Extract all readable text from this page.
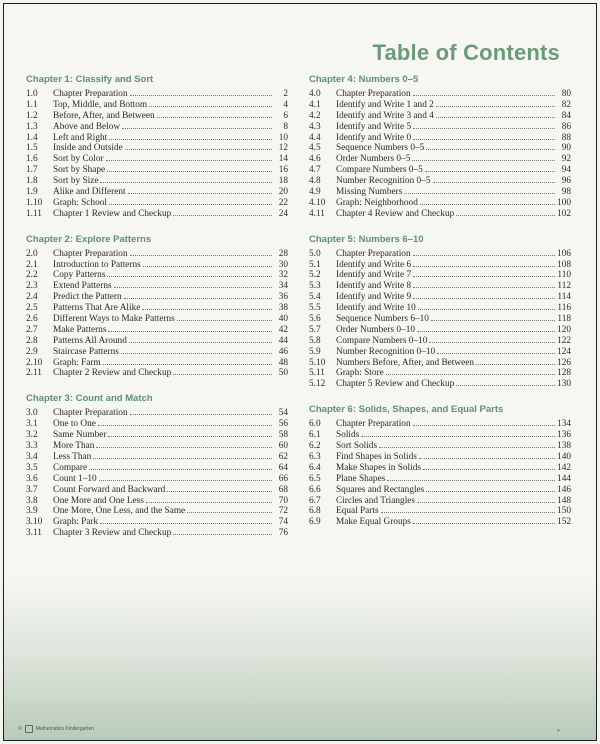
Table of Contents
Chapter 1: Classify and Sort
1.0	Chapter Preparation	2
1.1	Top, Middle, and Bottom	4
1.2	Before, After, and Between	6
1.3	Above and Below	8
1.4	Left and Right	10
1.5	Inside and Outside	12
1.6	Sort by Color	14
1.7	Sort by Shape	16
1.8	Sort by Size	18
1.9	Alike and Different	20
1.10	Graph: School	22
1.11	Chapter 1 Review and Checkup	24
Chapter 2: Explore Patterns
2.0	Chapter Preparation	28
2.1	Introduction to Patterns	30
2.2	Copy Patterns	32
2.3	Extend Patterns	34
2.4	Predict the Pattern	36
2.5	Patterns That Are Alike	38
2.6	Different Ways to Make Patterns	40
2.7	Make Patterns	42
2.8	Patterns All Around	44
2.9	Staircase Patterns	46
2.10	Graph: Farm	48
2.11	Chapter 2 Review and Checkup	50
Chapter 3: Count and Match
3.0	Chapter Preparation	54
3.1	One to One	56
3.2	Same Number	58
3.3	More Than	60
3.4	Less Than	62
3.5	Compare	64
3.6	Count 1–10	66
3.7	Count Forward and Backward	68
3.8	One More and One Less	70
3.9	One More, One Less, and the Same	72
3.10	Graph: Park	74
3.11	Chapter 3 Review and Checkup	76
Chapter 4: Numbers 0–5
4.0	Chapter Preparation	80
4.1	Identify and Write 1 and 2	82
4.2	Identify and Write 3 and 4	84
4.3	Identify and Write 5	86
4.4	Identify and Write 0	88
4.5	Sequence Numbers 0–5	90
4.6	Order Numbers 0–5	92
4.7	Compare Numbers 0–5	94
4.8	Number Recognition 0–5	96
4.9	Missing Numbers	98
4.10	Graph: Neighborhood	100
4.11	Chapter 4 Review and Checkup	102
Chapter 5: Numbers 6–10
5.0	Chapter Preparation	106
5.1	Identify and Write 6	108
5.2	Identify and Write 7	110
5.3	Identify and Write 8	112
5.4	Identify and Write 9	114
5.5	Identify and Write 10	116
5.6	Sequence Numbers 6–10	118
5.7	Order Numbers 0–10	120
5.8	Compare Numbers 0–10	122
5.9	Number Recognition 0–10	124
5.10	Numbers Before, After, and Between	126
5.11	Graph: Store	128
5.12	Chapter 5 Review and Checkup	130
Chapter 6: Solids, Shapes, and Equal Parts
6.0	Chapter Preparation	134
6.1	Solids	136
6.2	Sort Solids	138
6.3	Find Shapes in Solids	140
6.4	Make Shapes in Solids	142
6.5	Plane Shapes	144
6.6	Squares and Rectangles	146
6.7	Circles and Triangles	148
6.8	Equal Parts	150
6.9	Make Equal Groups	152
©	Mathematics Kindergarten	v
